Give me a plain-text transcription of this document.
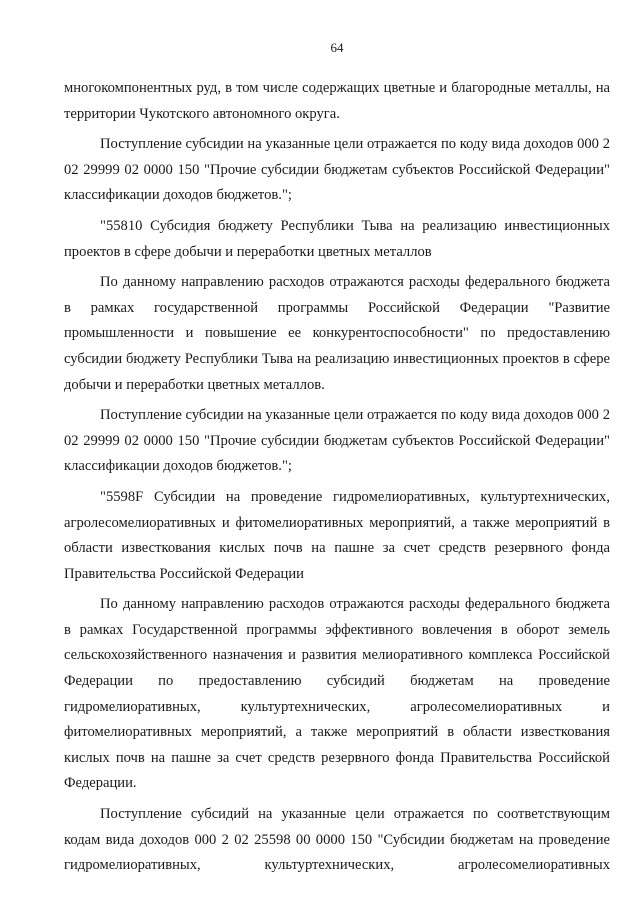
64

многокомпонентных руд, в том числе содержащих цветные и благородные металлы, на территории Чукотского автономного округа.

Поступление субсидии на указанные цели отражается по коду вида доходов 000 2 02 29999 02 0000 150 "Прочие субсидии бюджетам субъектов Российской Федерации" классификации доходов бюджетов.";

"55810 Субсидия бюджету Республики Тыва на реализацию инвестиционных проектов в сфере добычи и переработки цветных металлов

По данному направлению расходов отражаются расходы федерального бюджета в рамках государственной программы Российской Федерации "Развитие промышленности и повышение ее конкурентоспособности" по предоставлению субсидии бюджету Республики Тыва на реализацию инвестиционных проектов в сфере добычи и переработки цветных металлов.

Поступление субсидии на указанные цели отражается по коду вида доходов 000 2 02 29999 02 0000 150 "Прочие субсидии бюджетам субъектов Российской Федерации" классификации доходов бюджетов.";

"5598F Субсидии на проведение гидромелиоративных, культуртехнических, агролесомелиоративных и фитомелиоративных мероприятий, а также мероприятий в области известкования кислых почв на пашне за счет средств резервного фонда Правительства Российской Федерации

По данному направлению расходов отражаются расходы федерального бюджета в рамках Государственной программы эффективного вовлечения в оборот земель сельскохозяйственного назначения и развития мелиоративного комплекса Российской Федерации по предоставлению субсидий бюджетам на проведение гидромелиоративных, культуртехнических, агролесомелиоративных и фитомелиоративных мероприятий, а также мероприятий в области известкования кислых почв на пашне за счет средств резервного фонда Правительства Российской Федерации.

Поступление субсидий на указанные цели отражается по соответствующим кодам вида доходов 000 2 02 25598 00 0000 150 "Субсидии бюджетам на проведение гидромелиоративных, культуртехнических, агролесомелиоративных
